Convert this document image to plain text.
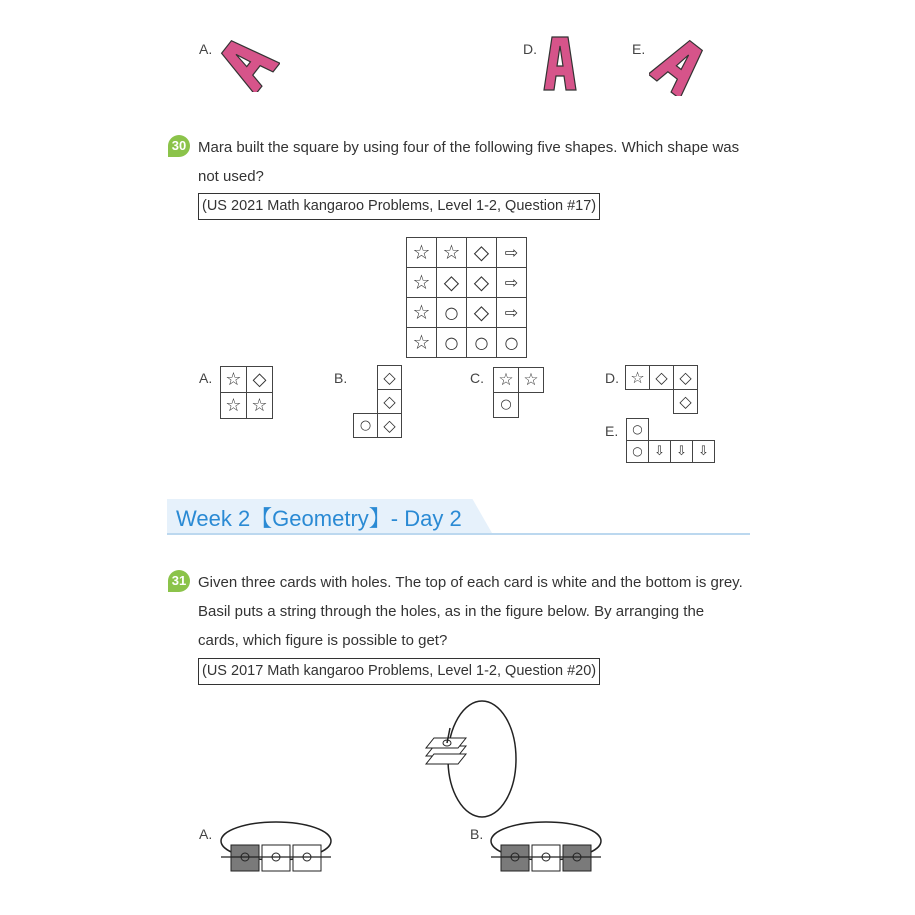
A.	D.	E.
30 Mara built the square by using four of the following five shapes. Which shape was
not used?
(US 2021 Math kangaroo Problems, Level 1-2, Question #17)
☆ ☆ ◇ ⇨
☆ ◇ ◇ ⇨
☆ ○ ◇ ⇨
☆ ○	○	○
A. ☆ ◇
☆ ☆
B.	◇
◇
○ ◇
C. ☆ ☆
○
D. ☆ ◇ ◇
◇
E.	○
○ ⇩ ⇩ ⇩
Week 2【Geometry】- Day 2
31 Given three cards with holes. The top of each card is white and the bottom is grey.
Basil puts a string through the holes, as in the figure below. By arranging the
cards, which figure is possible to get?
(US 2017 Math kangaroo Problems, Level 1-2, Question #20)
A.	B.
